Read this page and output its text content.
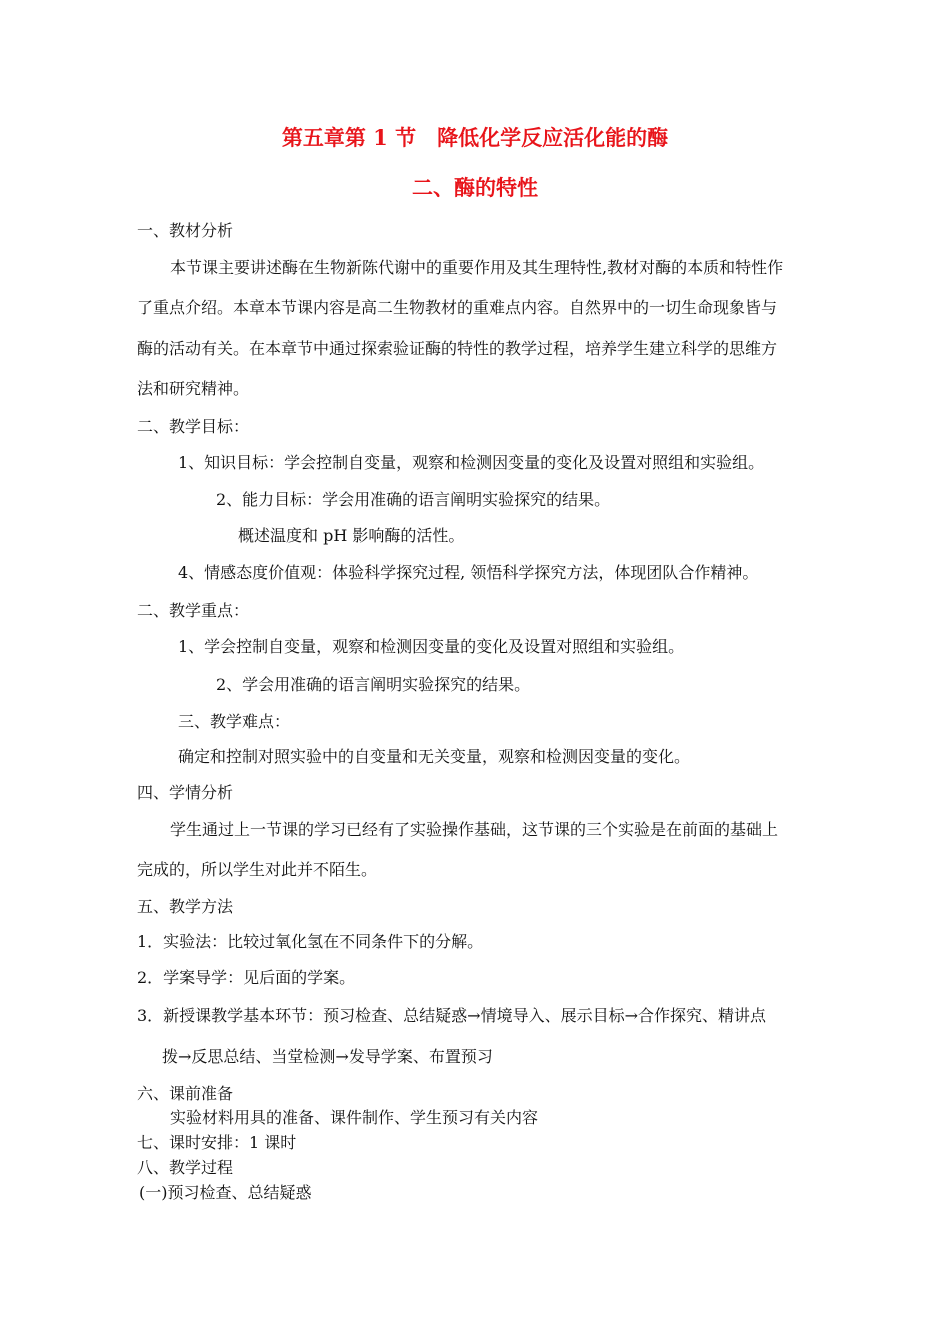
第五章第 1 节　降低化学反应活化能的酶
二、酶的特性
一、教材分析
本节课主要讲述酶在生物新陈代谢中的重要作用及其生理特性,教材对酶的本质和特性作
了重点介绍。本章本节课内容是高二生物教材的重难点内容。自然界中的一切生命现象皆与
酶的活动有关。在本章节中通过探索验证酶的特性的教学过程，培养学生建立科学的思维方
法和研究精神。
二、教学目标：
1、知识目标：学会控制自变量，观察和检测因变量的变化及设置对照组和实验组。
2、能力目标：学会用准确的语言阐明实验探究的结果。
概述温度和 pH 影响酶的活性。
4、情感态度价值观：体验科学探究过程, 领悟科学探究方法，体现团队合作精神。
二、教学重点：
1、学会控制自变量，观察和检测因变量的变化及设置对照组和实验组。
2、学会用准确的语言阐明实验探究的结果。
三、教学难点：
确定和控制对照实验中的自变量和无关变量，观察和检测因变量的变化。
四、学情分析
学生通过上一节课的学习已经有了实验操作基础，这节课的三个实验是在前面的基础上
完成的，所以学生对此并不陌生。
五、教学方法
1．实验法：比较过氧化氢在不同条件下的分解。
2．学案导学：见后面的学案。
3．新授课教学基本环节：预习检查、总结疑惑→情境导入、展示目标→合作探究、精讲点
拨→反思总结、当堂检测→发导学案、布置预习
六、课前准备
实验材料用具的准备、课件制作、学生预习有关内容
七、课时安排：1 课时
八、教学过程
(一)预习检查、总结疑惑
